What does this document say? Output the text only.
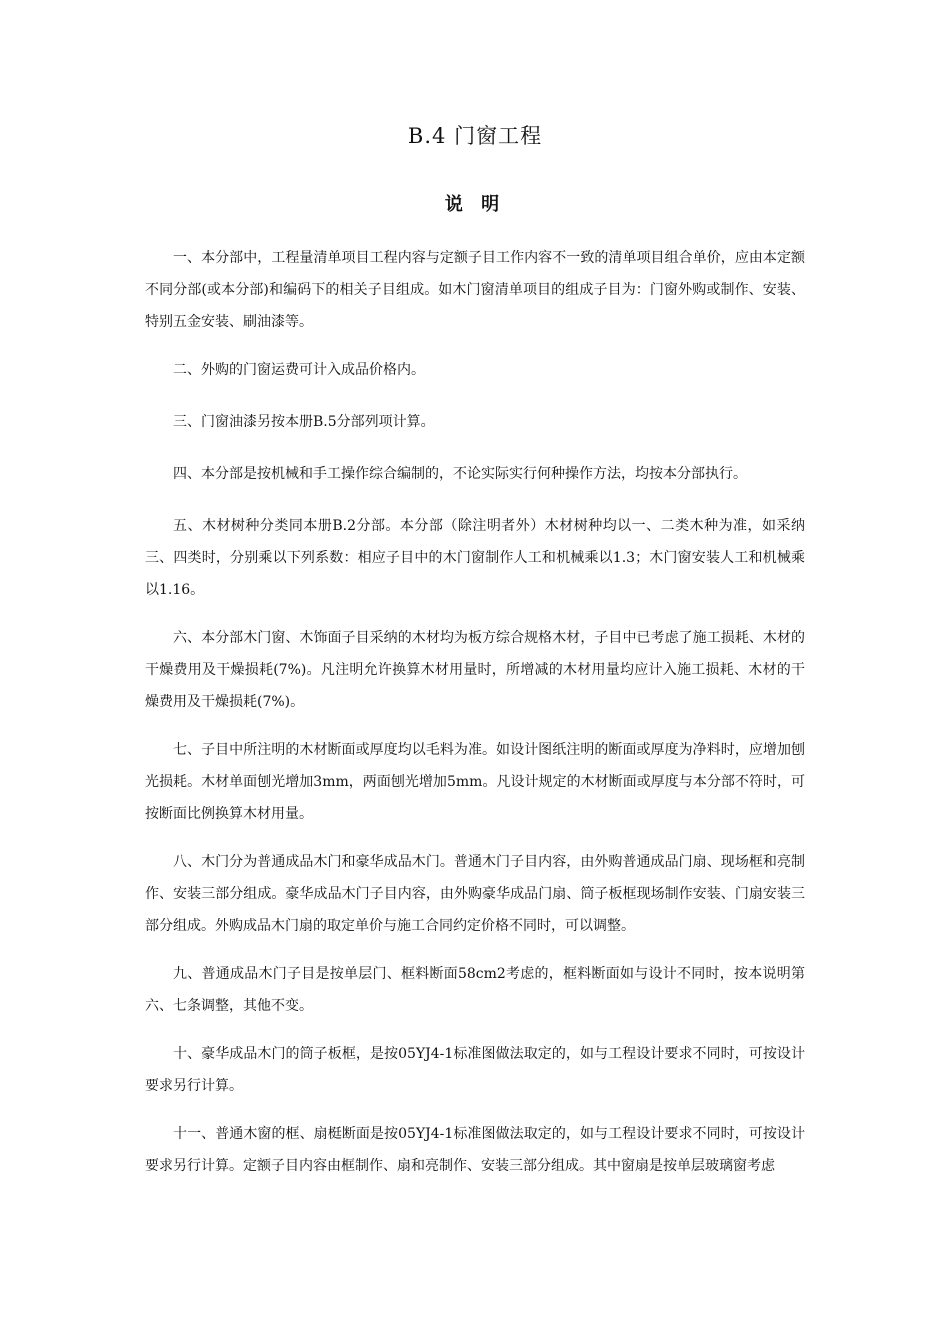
B.4 门窗工程
说 明

一、本分部中，工程量清单项目工程内容与定额子目工作内容不一致的清单项目组合单价，应由本定额不同分部(或本分部)和编码下的相关子目组成。如木门窗清单项目的组成子目为：门窗外购或制作、安装、特别五金安装、刷油漆等。

二、外购的门窗运费可计入成品价格内。

三、门窗油漆另按本册B.5分部列项计算。

四、本分部是按机械和手工操作综合编制的，不论实际实行何种操作方法，均按本分部执行。

五、木材树种分类同本册B.2分部。本分部（除注明者外）木材树种均以一、二类木种为准，如采纳三、四类时，分别乘以下列系数：相应子目中的木门窗制作人工和机械乘以1.3；木门窗安装人工和机械乘以1.16。

六、本分部木门窗、木饰面子目采纳的木材均为板方综合规格木材，子目中已考虑了施工损耗、木材的干燥费用及干燥损耗(7%)。凡注明允许换算木材用量时，所增减的木材用量均应计入施工损耗、木材的干燥费用及干燥损耗(7%)。

七、子目中所注明的木材断面或厚度均以毛料为准。如设计图纸注明的断面或厚度为净料时，应增加刨光损耗。木材单面刨光增加3mm，两面刨光增加5mm。凡设计规定的木材断面或厚度与本分部不符时，可按断面比例换算木材用量。

八、木门分为普通成品木门和豪华成品木门。普通木门子目内容，由外购普通成品门扇、现场框和亮制作、安装三部分组成。豪华成品木门子目内容，由外购豪华成品门扇、筒子板框现场制作安装、门扇安装三部分组成。外购成品木门扇的取定单价与施工合同约定价格不同时，可以调整。

九、普通成品木门子目是按单层门、框料断面58cm2考虑的，框料断面如与设计不同时，按本说明第六、七条调整，其他不变。

十、豪华成品木门的筒子板框，是按05YJ4-1标准图做法取定的，如与工程设计要求不同时，可按设计要求另行计算。

十一、普通木窗的框、扇梃断面是按05YJ4-1标准图做法取定的，如与工程设计要求不同时，可按设计要求另行计算。定额子目内容由框制作、扇和亮制作、安装三部分组成。其中窗扇是按单层玻璃窗考虑
